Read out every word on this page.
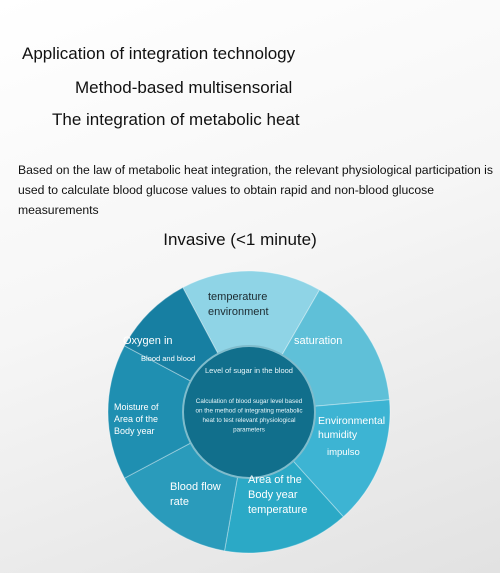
Application of integration technology
Method-based multisensorial
The integration of metabolic heat

Based on the law of metabolic heat integration, the relevant physiological participation is used to calculate blood glucose values to obtain rapid and non-blood glucose measurements

Invasive (<1 minute)
temperature environment
saturation
Environmental humidity
Area of the Body year temperature
Blood flow rate
Moisture of Area of the Body year
Oxygen in
Blood and blood
impulso
Level of sugar in the blood
Calculation of blood sugar level based on the method of integrating metabolic heat to test relevant physiological parameters
